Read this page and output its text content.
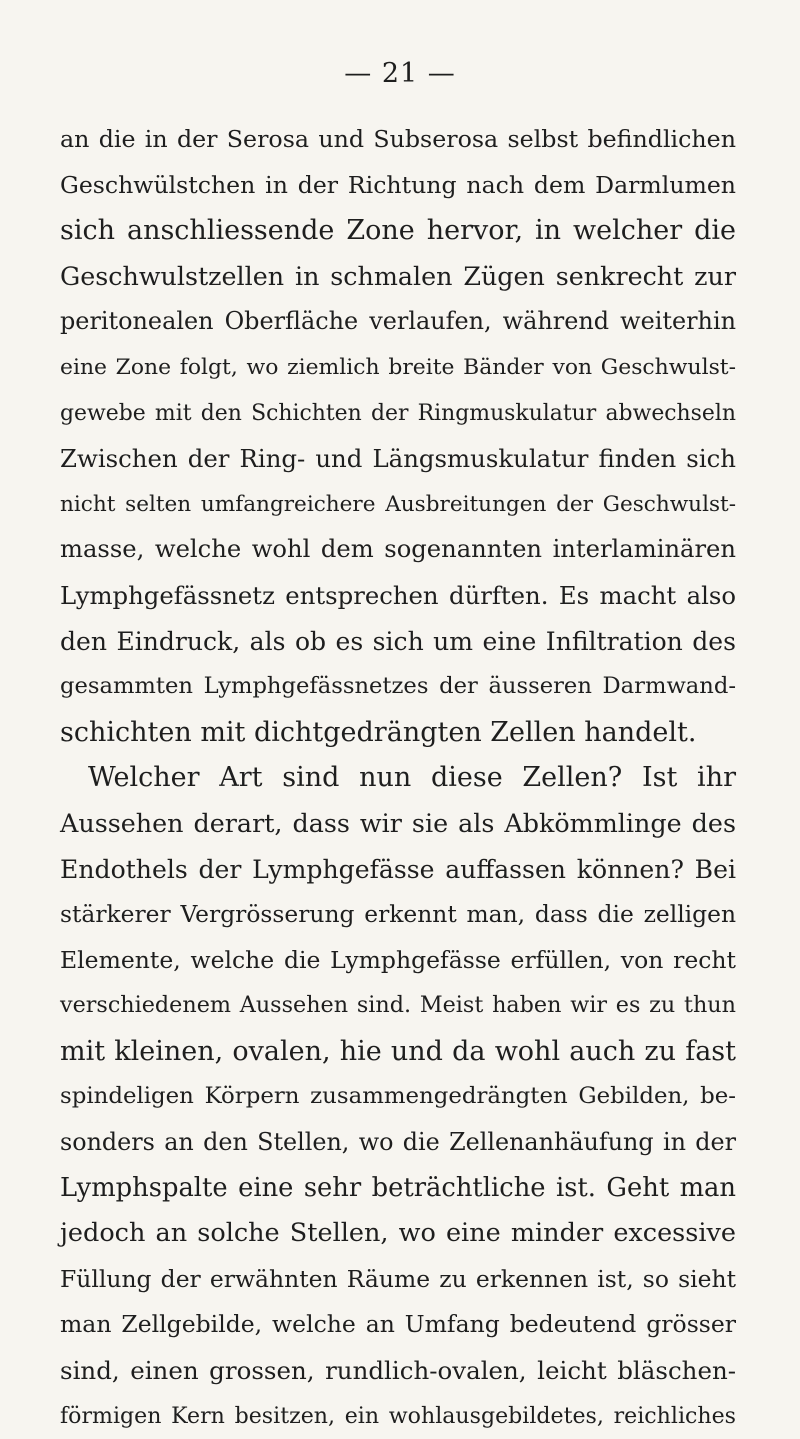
— 21 —
an die in der Serosa und Subserosa selbst befindlichen
Geschwülstchen in der Richtung nach dem Darmlumen
sich anschliessende Zone hervor, in welcher die
Geschwulstzellen in schmalen Zügen senkrecht zur
peritonealen Oberfläche verlaufen, während weiterhin
eine Zone folgt, wo ziemlich breite Bänder von Geschwulst-
gewebe mit den Schichten der Ringmuskulatur abwechseln
Zwischen der Ring- und Längsmuskulatur finden sich
nicht selten umfangreichere Ausbreitungen der Geschwulst-
masse, welche wohl dem sogenannten interlaminären
Lymphgefässnetz entsprechen dürften. Es macht also
den Eindruck, als ob es sich um eine Infiltration des
gesammten Lymphgefässnetzes der äusseren Darmwand-
schichten mit dichtgedrängten Zellen handelt.
Welcher Art sind nun diese Zellen? Ist ihr
Aussehen derart, dass wir sie als Abkömmlinge des
Endothels der Lymphgefässe auffassen können? Bei
stärkerer Vergrösserung erkennt man, dass die zelligen
Elemente, welche die Lymphgefässe erfüllen, von recht
verschiedenem Aussehen sind. Meist haben wir es zu thun
mit kleinen, ovalen, hie und da wohl auch zu fast
spindeligen Körpern zusammengedrängten Gebilden, be-
sonders an den Stellen, wo die Zellenanhäufung in der
Lymphspalte eine sehr beträchtliche ist. Geht man
jedoch an solche Stellen, wo eine minder excessive
Füllung der erwähnten Räume zu erkennen ist, so sieht
man Zellgebilde, welche an Umfang bedeutend grösser
sind, einen grossen, rundlich-ovalen, leicht bläschen-
förmigen Kern besitzen, ein wohlausgebildetes, reichliches
